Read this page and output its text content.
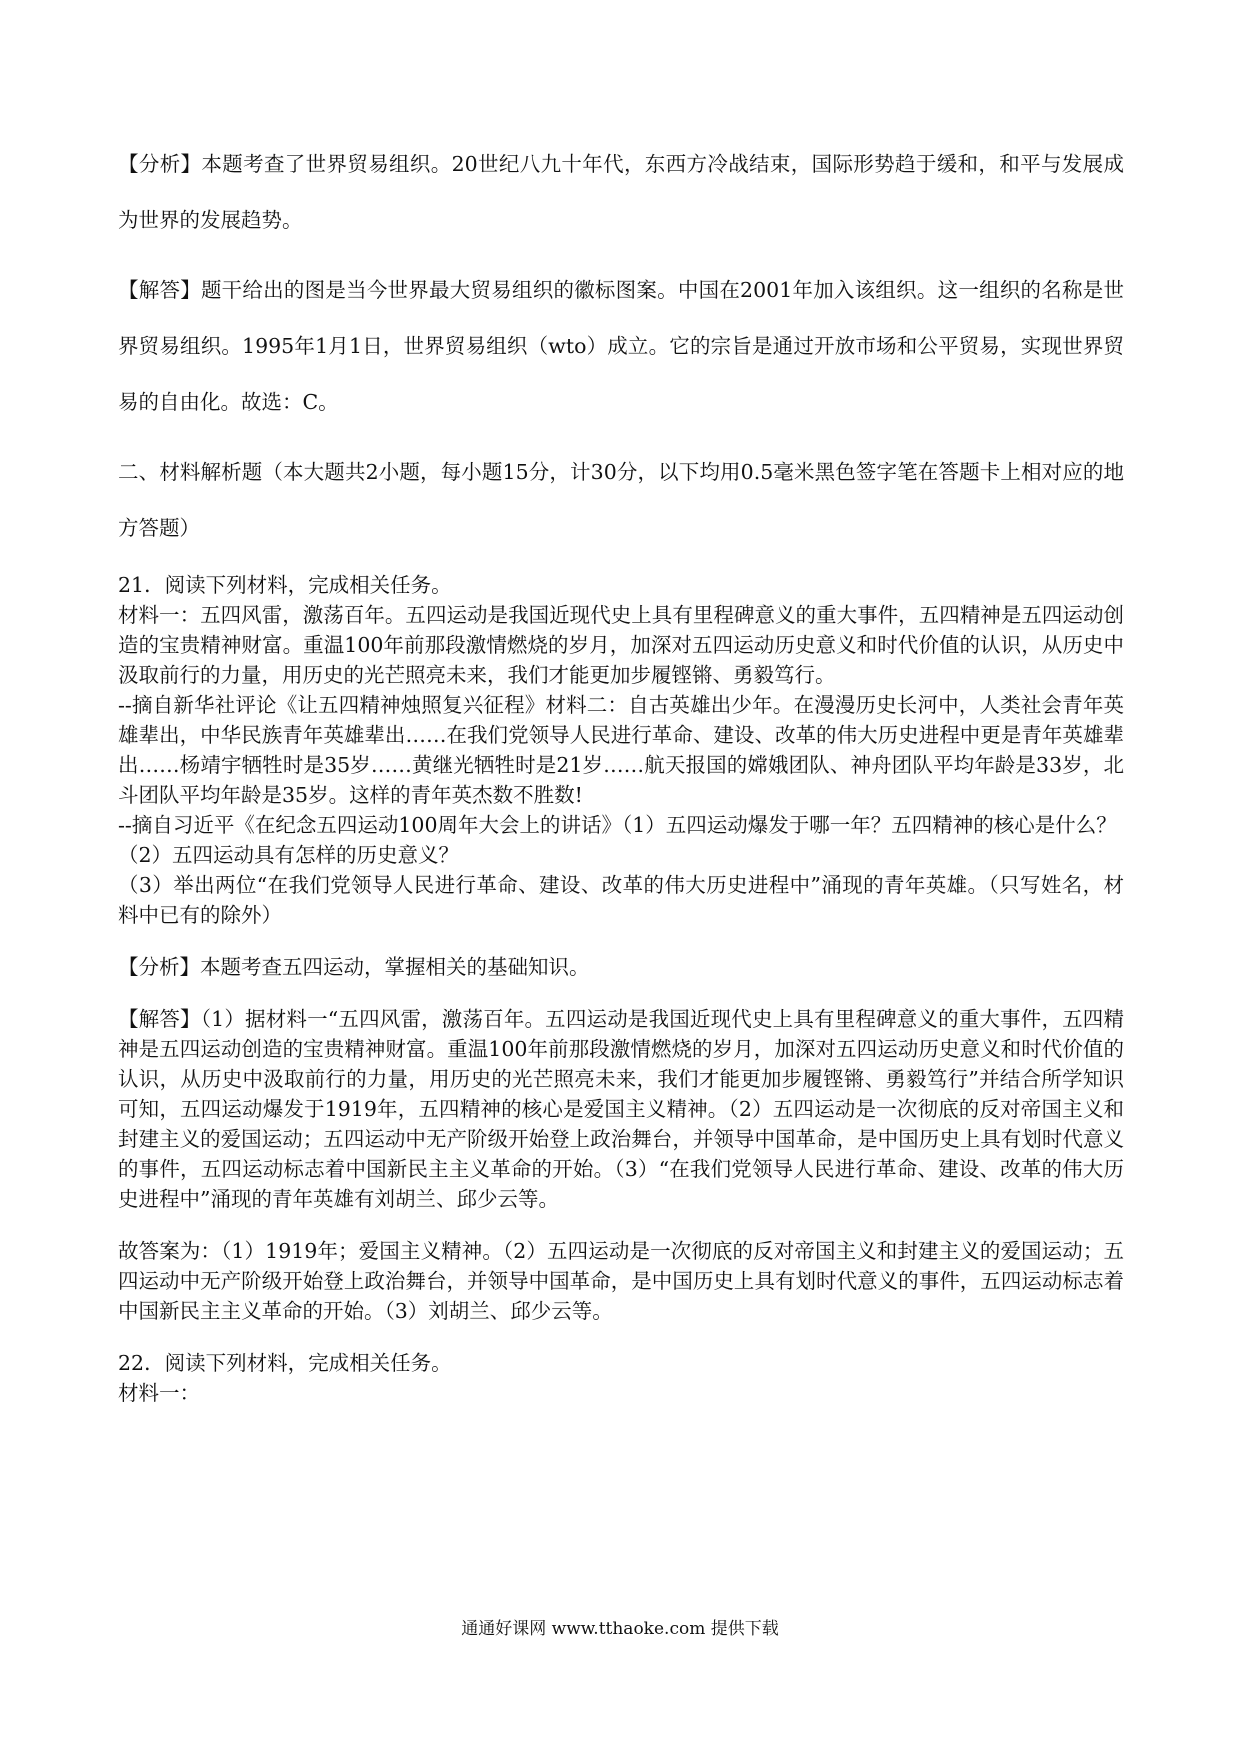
【分析】本题考查了世界贸易组织。20世纪八九十年代，东西方冷战结束，国际形势趋于缓和，和平与发展成为世界的发展趋势。

【解答】题干给出的图是当今世界最大贸易组织的徽标图案。中国在2001年加入该组织。这一组织的名称是世界贸易组织。1995年1月1日，世界贸易组织（wto）成立。它的宗旨是通过开放市场和公平贸易，实现世界贸易的自由化。故选：C。

二、材料解析题（本大题共2小题，每小题15分，计30分，以下均用0.5毫米黑色签字笔在答题卡上相对应的地方答题）

21．阅读下列材料，完成相关任务。

材料一：五四风雷，激荡百年。五四运动是我国近现代史上具有里程碑意义的重大事件，五四精神是五四运动创造的宝贵精神财富。重温100年前那段激情燃烧的岁月，加深对五四运动历史意义和时代价值的认识，从历史中汲取前行的力量，用历史的光芒照亮未来，我们才能更加步履铿锵、勇毅笃行。

--摘自新华社评论《让五四精神烛照复兴征程》材料二：自古英雄出少年。在漫漫历史长河中，人类社会青年英雄辈出，中华民族青年英雄辈出……在我们党领导人民进行革命、建设、改革的伟大历史进程中更是青年英雄辈出……杨靖宇牺牲时是35岁……黄继光牺牲时是21岁……航天报国的嫦娥团队、神舟团队平均年龄是33岁，北斗团队平均年龄是35岁。这样的青年英杰数不胜数!

--摘自习近平《在纪念五四运动100周年大会上的讲话》（1）五四运动爆发于哪一年？五四精神的核心是什么？

（2）五四运动具有怎样的历史意义？

（3）举出两位“在我们党领导人民进行革命、建设、改革的伟大历史进程中”涌现的青年英雄。（只写姓名，材料中已有的除外）

【分析】本题考查五四运动，掌握相关的基础知识。

【解答】（1）据材料一“五四风雷，激荡百年。五四运动是我国近现代史上具有里程碑意义的重大事件，五四精神是五四运动创造的宝贵精神财富。重温100年前那段激情燃烧的岁月，加深对五四运动历史意义和时代价值的认识，从历史中汲取前行的力量，用历史的光芒照亮未来，我们才能更加步履铿锵、勇毅笃行”并结合所学知识可知，五四运动爆发于1919年，五四精神的核心是爱国主义精神。（2）五四运动是一次彻底的反对帝国主义和封建主义的爱国运动；五四运动中无产阶级开始登上政治舞台，并领导中国革命，是中国历史上具有划时代意义的事件，五四运动标志着中国新民主主义革命的开始。（3）“在我们党领导人民进行革命、建设、改革的伟大历史进程中”涌现的青年英雄有刘胡兰、邱少云等。

故答案为：（1）1919年；爱国主义精神。（2）五四运动是一次彻底的反对帝国主义和封建主义的爱国运动；五四运动中无产阶级开始登上政治舞台，并领导中国革命，是中国历史上具有划时代意义的事件，五四运动标志着中国新民主主义革命的开始。（3）刘胡兰、邱少云等。

22．阅读下列材料，完成相关任务。

材料一：

通通好课网 www.tthaoke.com 提供下载
